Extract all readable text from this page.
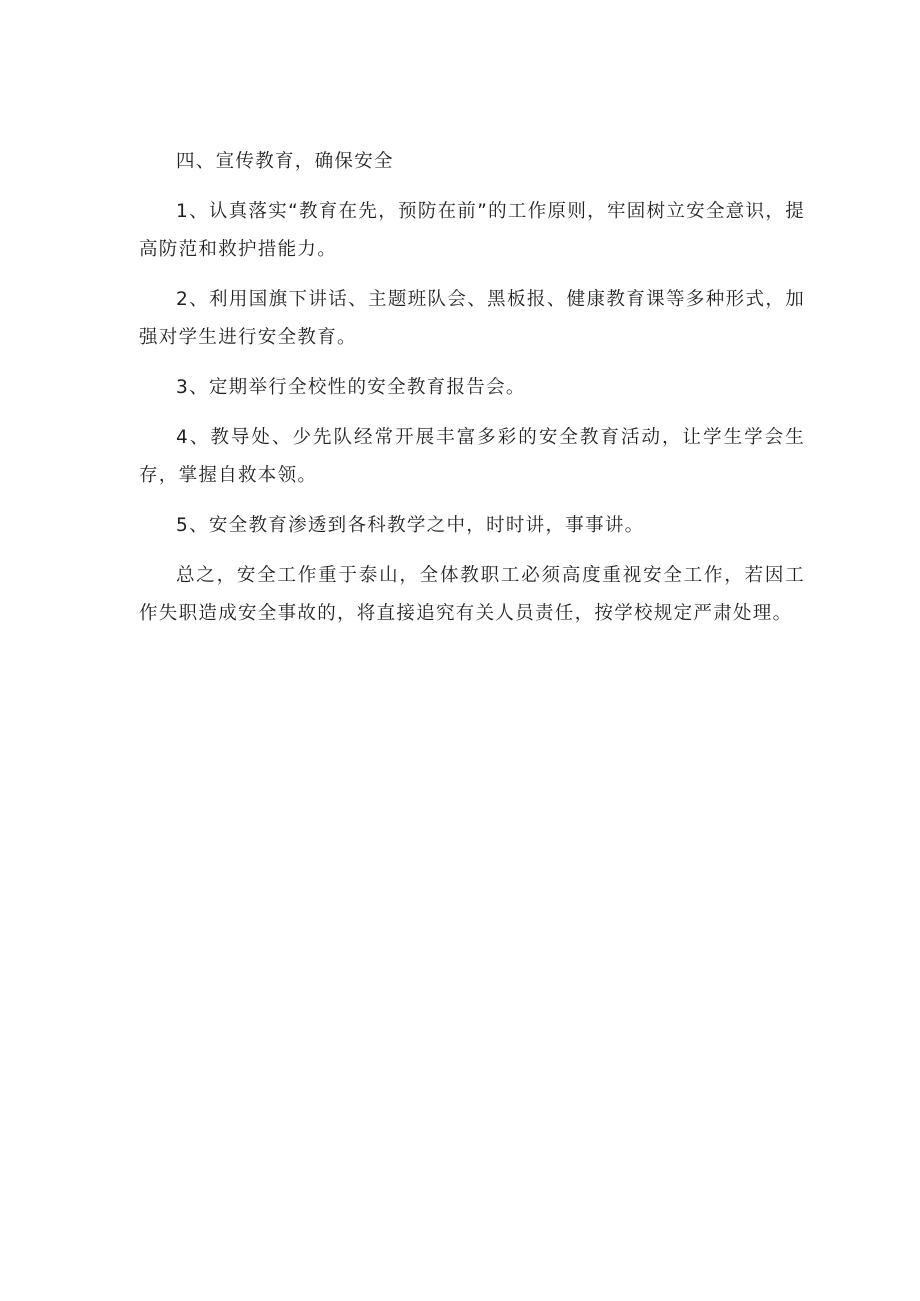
四、宣传教育，确保安全

1、认真落实“教育在先，预防在前”的工作原则，牢固树立安全意识，提高防范和救护措能力。

2、利用国旗下讲话、主题班队会、黑板报、健康教育课等多种形式，加强对学生进行安全教育。

3、定期举行全校性的安全教育报告会。

4、教导处、少先队经常开展丰富多彩的安全教育活动，让学生学会生存，掌握自救本领。

5、安全教育渗透到各科教学之中，时时讲，事事讲。

总之，安全工作重于泰山，全体教职工必须高度重视安全工作，若因工作失职造成安全事故的，将直接追究有关人员责任，按学校规定严肃处理。
